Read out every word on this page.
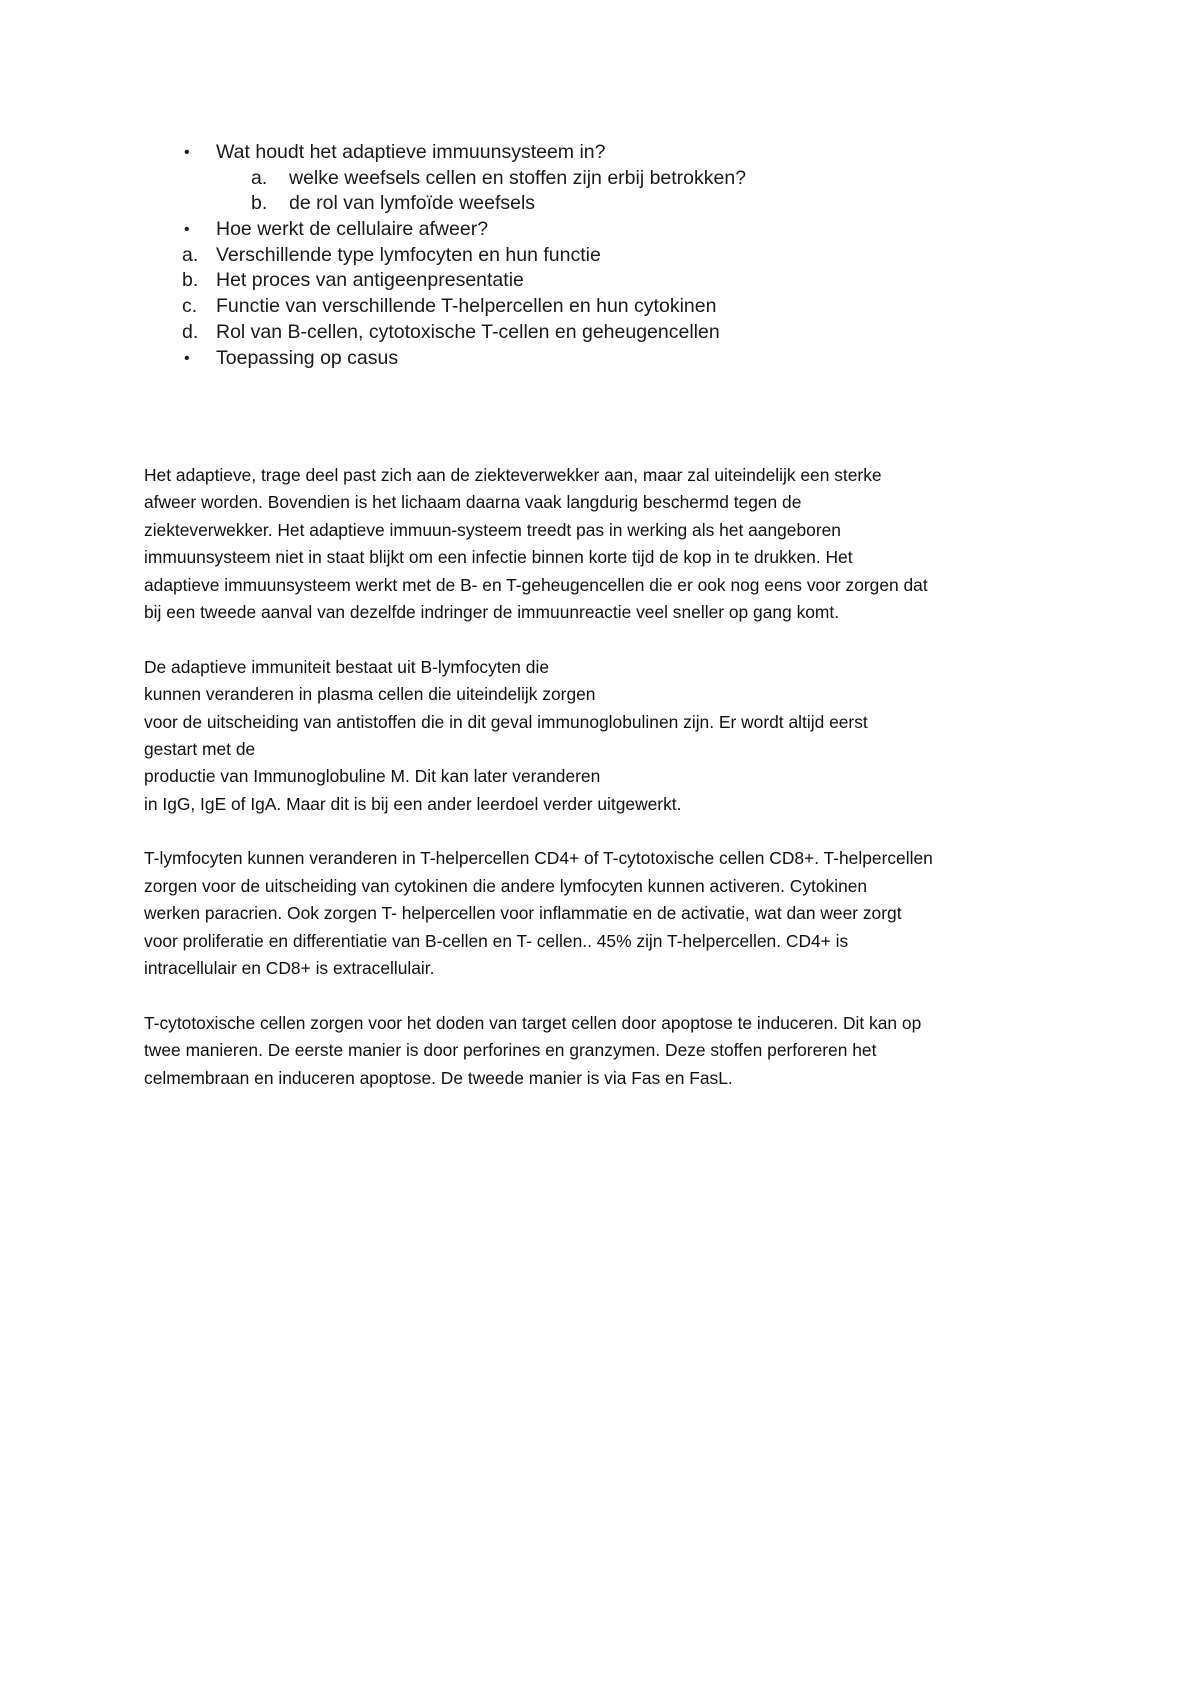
• Wat houdt het adaptieve immuunsysteem in?
a. welke weefsels cellen en stoffen zijn erbij betrokken?
b. de rol van lymfoïde weefsels
• Hoe werkt de cellulaire afweer?
a. Verschillende type lymfocyten en hun functie
b. Het proces van antigeenpresentatie
c. Functie van verschillende T-helpercellen en hun cytokinen
d. Rol van B-cellen, cytotoxische T-cellen en geheugencellen
• Toepassing op casus

Het adaptieve, trage deel past zich aan de ziekteverwekker aan, maar zal uiteindelijk een sterke
afweer worden. Bovendien is het lichaam daarna vaak langdurig beschermd tegen de
ziekteverwekker. Het adaptieve immuun-systeem treedt pas in werking als het aangeboren
immuunsysteem niet in staat blijkt om een infectie binnen korte tijd de kop in te drukken. Het
adaptieve immuunsysteem werkt met de B- en T-geheugencellen die er ook nog eens voor zorgen dat
bij een tweede aanval van dezelfde indringer de immuunreactie veel sneller op gang komt.

De adaptieve immuniteit bestaat uit B-lymfocyten die
kunnen veranderen in plasma cellen die uiteindelijk zorgen
voor de uitscheiding van antistoffen die in dit geval immunoglobulinen zijn. Er wordt altijd eerst
gestart met de
productie van Immunoglobuline M. Dit kan later veranderen
in IgG, IgE of IgA. Maar dit is bij een ander leerdoel verder uitgewerkt.

T-lymfocyten kunnen veranderen in T-helpercellen CD4+ of T-cytotoxische cellen CD8+. T-helpercellen
zorgen voor de uitscheiding van cytokinen die andere lymfocyten kunnen activeren. Cytokinen
werken paracrien. Ook zorgen T- helpercellen voor inflammatie en de activatie, wat dan weer zorgt
voor proliferatie en differentiatie van B-cellen en T- cellen.. 45% zijn T-helpercellen. CD4+ is
intracellulair en CD8+ is extracellulair.

T-cytotoxische cellen zorgen voor het doden van target cellen door apoptose te induceren. Dit kan op
twee manieren. De eerste manier is door perforines en granzymen. Deze stoffen perforeren het
celmembraan en induceren apoptose. De tweede manier is via Fas en FasL.
